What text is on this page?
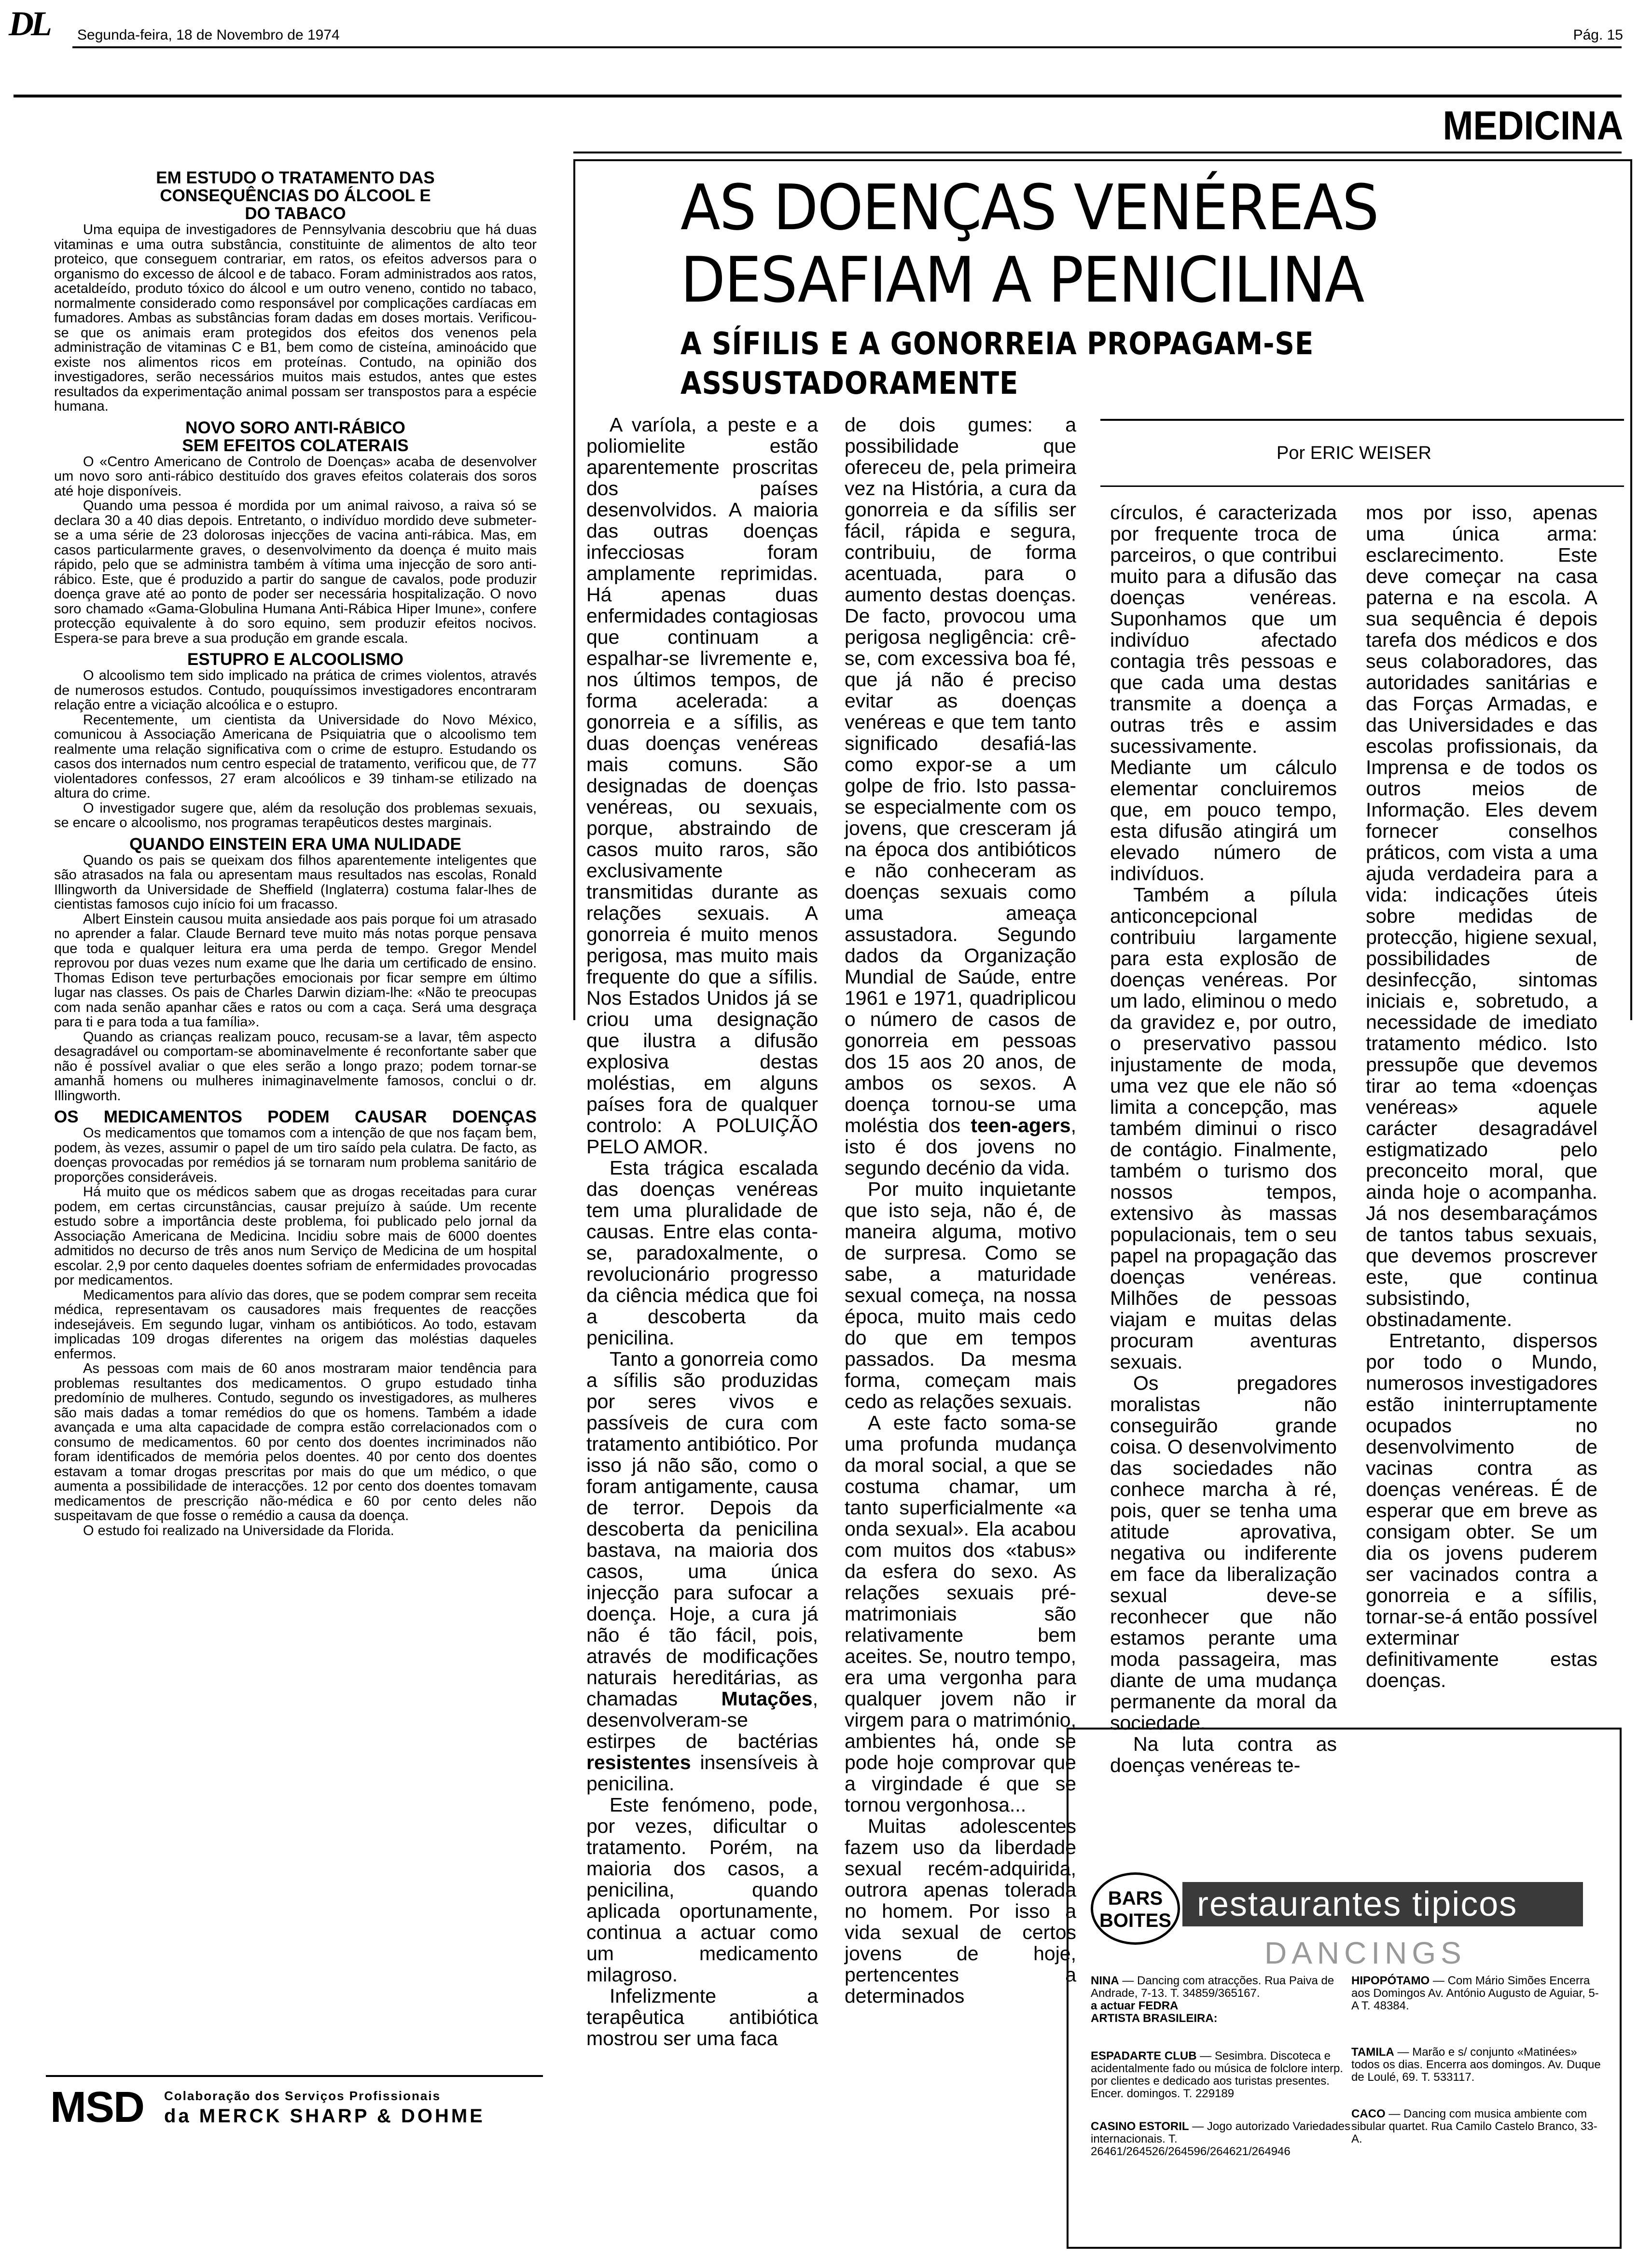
DL Segunda-feira, 18 de Novembro de 1974	Pág. 15
MEDICINA
EM ESTUDO O TRATAMENTO DAS CONSEQUÊNCIAS DO ÁLCOOL E DO TABACO

Uma equipa de investigadores de Pennsylvania descobriu que há duas vitaminas e uma outra substância, constituinte de alimentos de alto teor proteico, que conseguem contrariar, em ratos, os efeitos adversos para o organismo do excesso de álcool e de tabaco. Foram administrados aos ratos, acetaldeído, produto tóxico do álcool e um outro veneno, contido no tabaco, normalmente considerado como responsável por complicações cardíacas em fumadores. Ambas as substâncias foram dadas em doses mortais. Verificou-se que os animais eram protegidos dos efeitos dos venenos pela administração de vitaminas C e B1, bem como de cisteína, aminoácido que existe nos alimentos ricos em proteínas. Contudo, na opinião dos investigadores, serão necessários muitos mais estudos, antes que estes resultados da experimentação animal possam ser transpostos para a espécie humana.

NOVO SORO ANTI-RÁBICO SEM EFEITOS COLATERAIS

O «Centro Americano de Controlo de Doenças» acaba de desenvolver um novo soro anti-rábico destituído dos graves efeitos colaterais dos soros até hoje disponíveis.

Quando uma pessoa é mordida por um animal raivoso, a raiva só se declara 30 a 40 dias depois. Entretanto, o indivíduo mordido deve submeter-se a uma série de 23 dolorosas injecções de vacina anti-rábica. Mas, em casos particularmente graves, o desenvolvimento da doença é muito mais rápido, pelo que se administra também à vítima uma injecção de soro anti-rábico. Este, que é produzido a partir do sangue de cavalos, pode produzir doença grave até ao ponto de poder ser necessária hospitalização. O novo soro chamado «Gama-Globulina Humana Anti-Rábica Hiper Imune», confere protecção equivalente à do soro equino, sem produzir efeitos nocivos. Espera-se para breve a sua produção em grande escala.

ESTUPRO E ALCOOLISMO

O alcoolismo tem sido implicado na prática de crimes violentos, através de numerosos estudos. Contudo, pouquíssimos investigadores encontraram relação entre a viciação alcoólica e o estupro.

Recentemente, um cientista da Universidade do Novo México, comunicou à Associação Americana de Psiquiatria que o alcoolismo tem realmente uma relação significativa com o crime de estupro. Estudando os casos dos internados num centro especial de tratamento, verificou que, de 77 violentadores confessos, 27 eram alcoólicos e 39 tinham-se etilizado na altura do crime.

O investigador sugere que, além da resolução dos problemas sexuais, se encare o alcoolismo, nos programas terapêuticos destes marginais.

QUANDO EINSTEIN ERA UMA NULIDADE

Quando os pais se queixam dos filhos aparentemente inteligentes que são atrasados na fala ou apresentam maus resultados nas escolas, Ronald Illingworth da Universidade de Sheffield (Inglaterra) costuma falar-lhes de cientistas famosos cujo início foi um fracasso.

Albert Einstein causou muita ansiedade aos pais porque foi um atrasado no aprender a falar. Claude Bernard teve muito más notas porque pensava que toda e qualquer leitura era uma perda de tempo. Gregor Mendel reprovou por duas vezes num exame que lhe daria um certificado de ensino. Thomas Edison teve perturbações emocionais por ficar sempre em último lugar nas classes. Os pais de Charles Darwin diziam-lhe: «Não te preocupas com nada senão apanhar cães e ratos ou com a caça. Será uma desgraça para ti e para toda a tua família».

Quando as crianças realizam pouco, recusam-se a lavar, têm aspecto desagradável ou comportam-se abominavelmente é reconfortante saber que não é possível avaliar o que eles serão a longo prazo; podem tornar-se amanhã homens ou mulheres inimaginavelmente famosos, conclui o dr. Illingworth.

OS MEDICAMENTOS PODEM CAUSAR DOENÇAS

Os medicamentos que tomamos com a intenção de que nos façam bem, podem, às vezes, assumir o papel de um tiro saído pela culatra. De facto, as doenças provocadas por remédios já se tornaram num problema sanitário de proporções consideráveis.

Há muito que os médicos sabem que as drogas receitadas para curar podem, em certas circunstâncias, causar prejuízo à saúde. Um recente estudo sobre a importância deste problema, foi publicado pelo jornal da Associação Americana de Medicina. Incidiu sobre mais de 6000 doentes admitidos no decurso de três anos num Serviço de Medicina de um hospital escolar. 2,9 por cento daqueles doentes sofriam de enfermidades provocadas por medicamentos.

Medicamentos para alívio das dores, que se podem comprar sem receita médica, representavam os causadores mais frequentes de reacções indesejáveis. Em segundo lugar, vinham os antibióticos. Ao todo, estavam implicadas 109 drogas diferentes na origem das moléstias daqueles enfermos.

As pessoas com mais de 60 anos mostraram maior tendência para problemas resultantes dos medicamentos. O grupo estudado tinha predomínio de mulheres. Contudo, segundo os investigadores, as mulheres são mais dadas a tomar remédios do que os homens. Também a idade avançada e uma alta capacidade de compra estão correlacionados com o consumo de medicamentos. 60 por cento dos doentes incriminados não foram identificados de memória pelos doentes. 40 por cento dos doentes estavam a tomar drogas prescritas por mais do que um médico, o que aumenta a possibilidade de interacções. 12 por cento dos doentes tomavam medicamentos de prescrição não-médica e 60 por cento deles não suspeitavam de que fosse o remédio a causa da doença.

O estudo foi realizado na Universidade da Florida.

MSD Colaboração dos Serviços Profissionais
da MERCK SHARP & DOHME
AS DOENÇAS VENÉREAS
DESAFIAM A PENICILINA
A SÍFILIS E A GONORREIA PROPAGAM-SE
ASSUSTADORAMENTE
Por ERIC WEISER

A varíola, a peste e a poliomielite estão aparentemente proscritas dos países desenvolvidos. A maioria das outras doenças infecciosas foram amplamente reprimidas. Há apenas duas enfermidades contagiosas que continuam a espalhar-se livremente e, nos últimos tempos, de forma acelerada: a gonorreia e a sífilis, as duas doenças venéreas mais comuns. São designadas de doenças venéreas, ou sexuais, porque, abstraindo de casos muito raros, são exclusivamente transmitidas durante as relações sexuais. A gonorreia é muito menos perigosa, mas muito mais frequente do que a sífilis. Nos Estados Unidos já se criou uma designação que ilustra a difusão explosiva destas moléstias, em alguns países fora de qualquer controlo: A POLUIÇÃO PELO AMOR.

Esta trágica escalada das doenças venéreas tem uma pluralidade de causas. Entre elas conta-se, paradoxalmente, o revolucionário progresso da ciência médica que foi a descoberta da penicilina.

Tanto a gonorreia como a sífilis são produzidas por seres vivos e passíveis de cura com tratamento antibiótico. Por isso já não são, como o foram antigamente, causa de terror. Depois da descoberta da penicilina bastava, na maioria dos casos, uma única injecção para sufocar a doença. Hoje, a cura já não é tão fácil, pois, através de modificações naturais hereditárias, as chamadas Mutações, desenvolveram-se estirpes de bactérias resistentes insensíveis à penicilina.

Este fenómeno, pode, por vezes, dificultar o tratamento. Porém, na maioria dos casos, a penicilina, quando aplicada oportunamente, continua a actuar como um medicamento milagroso.

Infelizmente a terapêutica antibiótica mostrou ser uma faca

de dois gumes: a possibilidade que ofereceu de, pela primeira vez na História, a cura da gonorreia e da sífilis ser fácil, rápida e segura, contribuiu, de forma acentuada, para o aumento destas doenças. De facto, provocou uma perigosa negligência: crê-se, com excessiva boa fé, que já não é preciso evitar as doenças venéreas e que tem tanto significado desafiá-las como expor-se a um golpe de frio. Isto passa-se especialmente com os jovens, que cresceram já na época dos antibióticos e não conheceram as doenças sexuais como uma ameaça assustadora. Segundo dados da Organização Mundial de Saúde, entre 1961 e 1971, quadriplicou o número de casos de gonorreia em pessoas dos 15 aos 20 anos, de ambos os sexos. A doença tornou-se uma moléstia dos teen-agers, isto é dos jovens no segundo decénio da vida.

Por muito inquietante que isto seja, não é, de maneira alguma, motivo de surpresa. Como se sabe, a maturidade sexual começa, na nossa época, muito mais cedo do que em tempos passados. Da mesma forma, começam mais cedo as relações sexuais.

A este facto soma-se uma profunda mudança da moral social, a que se costuma chamar, um tanto superficialmente «a onda sexual». Ela acabou com muitos dos «tabus» da esfera do sexo. As relações sexuais pré-matrimoniais são relativamente bem aceites. Se, noutro tempo, era uma vergonha para qualquer jovem não ir virgem para o matrimónio, ambientes há, onde se pode hoje comprovar que a virgindade é que se tornou vergonhosa...

Muitas adolescentes fazem uso da liberdade sexual recém-adquirida, outrora apenas tolerada no homem. Por isso a vida sexual de certos jovens de hoje, pertencentes a determinados

círculos, é caracterizada por frequente troca de parceiros, o que contribui muito para a difusão das doenças venéreas. Suponhamos que um indivíduo afectado contagia três pessoas e que cada uma destas transmite a doença a outras três e assim sucessivamente. Mediante um cálculo elementar concluiremos que, em pouco tempo, esta difusão atingirá um elevado número de indivíduos.

Também a pílula anticoncepcional contribuiu largamente para esta explosão de doenças venéreas. Por um lado, eliminou o medo da gravidez e, por outro, o preservativo passou injustamente de moda, uma vez que ele não só limita a concepção, mas também diminui o risco de contágio. Finalmente, também o turismo dos nossos tempos, extensivo às massas populacionais, tem o seu papel na propagação das doenças venéreas. Milhões de pessoas viajam e muitas delas procuram aventuras sexuais.

Os pregadores moralistas não conseguirão grande coisa. O desenvolvimento das sociedades não conhece marcha à ré, pois, quer se tenha uma atitude aprovativa, negativa ou indiferente em face da liberalização sexual deve-se reconhecer que não estamos perante uma moda passageira, mas diante de uma mudança permanente da moral da sociedade.

Na luta contra as doenças venéreas te-

mos por isso, apenas uma única arma: esclarecimento. Este deve começar na casa paterna e na escola. A sua sequência é depois tarefa dos médicos e dos seus colaboradores, das autoridades sanitárias e das Forças Armadas, e das Universidades e das escolas profissionais, da Imprensa e de todos os outros meios de Informação. Eles devem fornecer conselhos práticos, com vista a uma ajuda verdadeira para a vida: indicações úteis sobre medidas de protecção, higiene sexual, possibilidades de desinfecção, sintomas iniciais e, sobretudo, a necessidade de imediato tratamento médico. Isto pressupõe que devemos tirar ao tema «doenças venéreas» aquele carácter desagradável estigmatizado pelo preconceito moral, que ainda hoje o acompanha. Já nos desembaraçámos de tantos tabus sexuais, que devemos proscrever este, que continua subsistindo, obstinadamente.

Entretanto, dispersos por todo o Mundo, numerosos investigadores estão ininterruptamente ocupados no desenvolvimento de vacinas contra as doenças venéreas. É de esperar que em breve as consigam obter. Se um dia os jovens puderem ser vacinados contra a gonorreia e a sífilis, tornar-se-á então possível exterminar definitivamente estas doenças.

BARS
BOITES restaurantes tipicos
DANCINGS

NINA — Dancing com atracções. Rua Paiva de Andrade, 7-13. T. 34859/365167.

a actuar FEDRA

ARTISTA BRASILEIRA:

ESPADARTE CLUB — Sesimbra. Discoteca e acidentalmente fado ou música de folclore interp. por clientes e dedicado aos turistas presentes. Encer. domingos. T. 229189

CASINO ESTORIL — Jogo autorizado Variedades internacionais. T. 26461/264526/264596/264621/264946

HIPOPÓTAMO — Com Mário Simões Encerra aos Domingos Av. António Augusto de Aguiar, 5-A T. 48384.

TAMILA — Marão e s/ conjunto «Matinées» todos os dias. Encerra aos domingos. Av. Duque de Loulé, 69. T. 533117.

CACO — Dancing com musica ambiente com sibular quartet. Rua Camilo Castelo Branco, 33-A.
